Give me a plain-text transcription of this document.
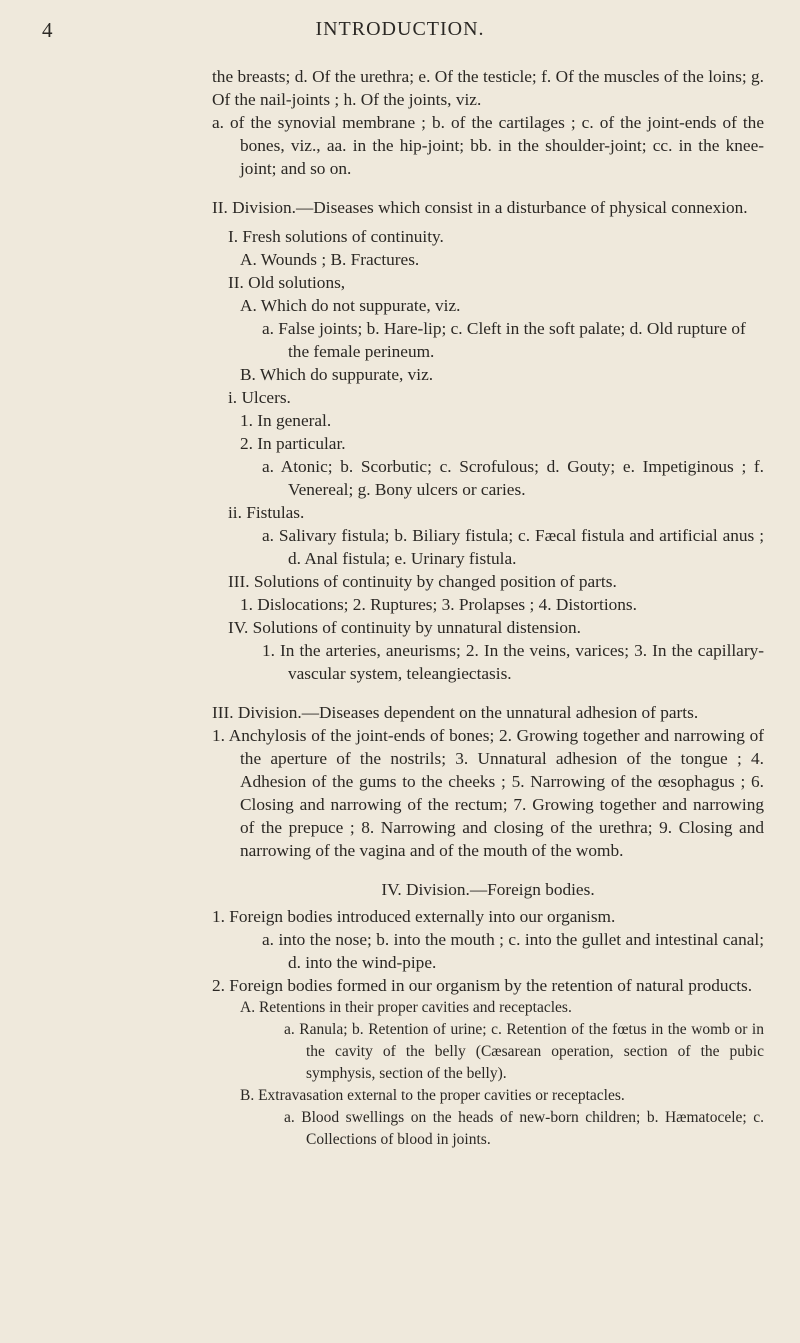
4	INTRODUCTION.

the breasts; d. Of the urethra; e. Of the testicle; f. Of the muscles of the loins; g. Of the nail-joints ; h. Of the joints, viz.

a. of the synovial membrane ; b. of the cartilages ; c. of the joint-ends of the bones, viz., aa. in the hip-joint; bb. in the shoulder-joint; cc. in the knee-joint; and so on.

II. Division.—Diseases which consist in a disturbance of physical connexion.

I. Fresh solutions of continuity.

A. Wounds ; B. Fractures.

II. Old solutions,

A. Which do not suppurate, viz.

a. False joints; b. Hare-lip; c. Cleft in the soft palate; d. Old rupture of the female perineum.

B. Which do suppurate, viz.

i. Ulcers.

1. In general.

2. In particular.

a. Atonic; b. Scorbutic; c. Scrofulous; d. Gouty; e. Impetiginous ; f. Venereal; g. Bony ulcers or caries.

ii. Fistulas.

a. Salivary fistula; b. Biliary fistula; c. Fæcal fistula and artificial anus ; d. Anal fistula; e. Urinary fistula.

III. Solutions of continuity by changed position of parts.

1. Dislocations; 2. Ruptures; 3. Prolapses ; 4. Distortions.

IV. Solutions of continuity by unnatural distension.

1. In the arteries, aneurisms; 2. In the veins, varices; 3. In the capillary-vascular system, teleangiectasis.

III. Division.—Diseases dependent on the unnatural adhesion of parts.

1. Anchylosis of the joint-ends of bones; 2. Growing together and narrowing of the aperture of the nostrils; 3. Unnatural adhesion of the tongue ; 4. Adhesion of the gums to the cheeks ; 5. Narrowing of the œsophagus ; 6. Closing and narrowing of the rectum; 7. Growing together and narrowing of the prepuce ; 8. Narrowing and closing of the urethra; 9. Closing and narrowing of the vagina and of the mouth of the womb.

IV. Division.—Foreign bodies.

1. Foreign bodies introduced externally into our organism.

a. into the nose; b. into the mouth ; c. into the gullet and intestinal canal; d. into the wind-pipe.

2. Foreign bodies formed in our organism by the retention of natural products.

A. Retentions in their proper cavities and receptacles.

a. Ranula; b. Retention of urine; c. Retention of the fœtus in the womb or in the cavity of the belly (Cæsarean operation, section of the pubic symphysis, section of the belly).

B. Extravasation external to the proper cavities or receptacles.

a. Blood swellings on the heads of new-born children; b. Hæmatocele; c. Collections of blood in joints.
